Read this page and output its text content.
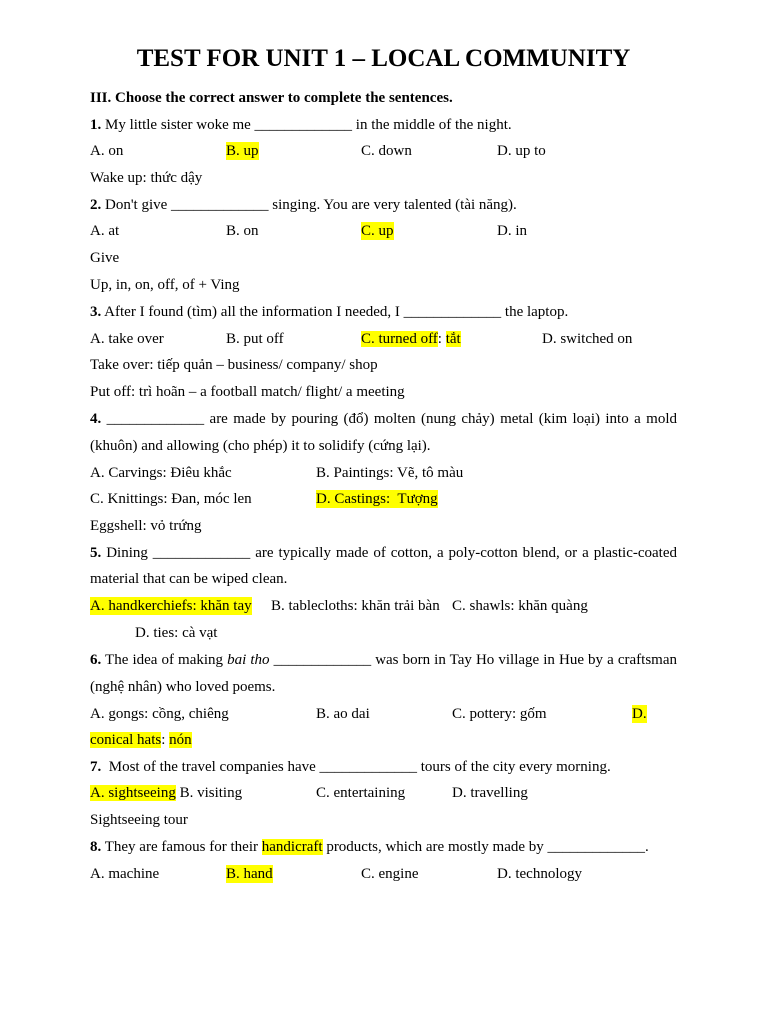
TEST FOR UNIT 1 – LOCAL COMMUNITY
III. Choose the correct answer to complete the sentences.
1. My little sister woke me _____________ in the middle of the night.
A. on	B. up	C. down	D. up to
Wake up: thức dậy
2. Don't give _____________ singing. You are very talented (tài năng).
A. at	B. on	C. up	D. in
Give
Up, in, on, off, of + Ving
3. After I found (tìm) all the information I needed, I _____________ the laptop.
A. take over	B. put off	C. turned off: tắt	D. switched on
Take over: tiếp quản – business/ company/ shop
Put off: trì hoãn – a football match/ flight/ a meeting
4. _____________ are made by pouring (đổ) molten (nung chảy) metal (kim loại) into a mold
(khuôn) and allowing (cho phép) it to solidify (cứng lại).
A. Carvings: Điêu khắc	B. Paintings: Vẽ, tô màu
C. Knittings: Đan, móc len	D. Castings:  Tượng
Eggshell: vỏ trứng
5. Dining _____________ are typically made of cotton, a poly-cotton blend, or a plastic-coated
material that can be wiped clean.
A. handkerchiefs: khăn tay B. tablecloths: khăn trải bàn C. shawls: khăn quàng
D. ties: cà vạt
6. The idea of making bai tho _____________ was born in Tay Ho village in Hue by a craftsman
(nghệ nhân) who loved poems.
A. gongs: cồng, chiêng	B. ao dai	C. pottery: gốm	D.
conical hats: nón
7.  Most of the travel companies have _____________ tours of the city every morning.
A. sightseeing B. visiting	C. entertaining	D. travelling
Sightseeing tour
8. They are famous for their handicraft products, which are mostly made by _____________.
A. machine	B. hand	C. engine	D. technology
